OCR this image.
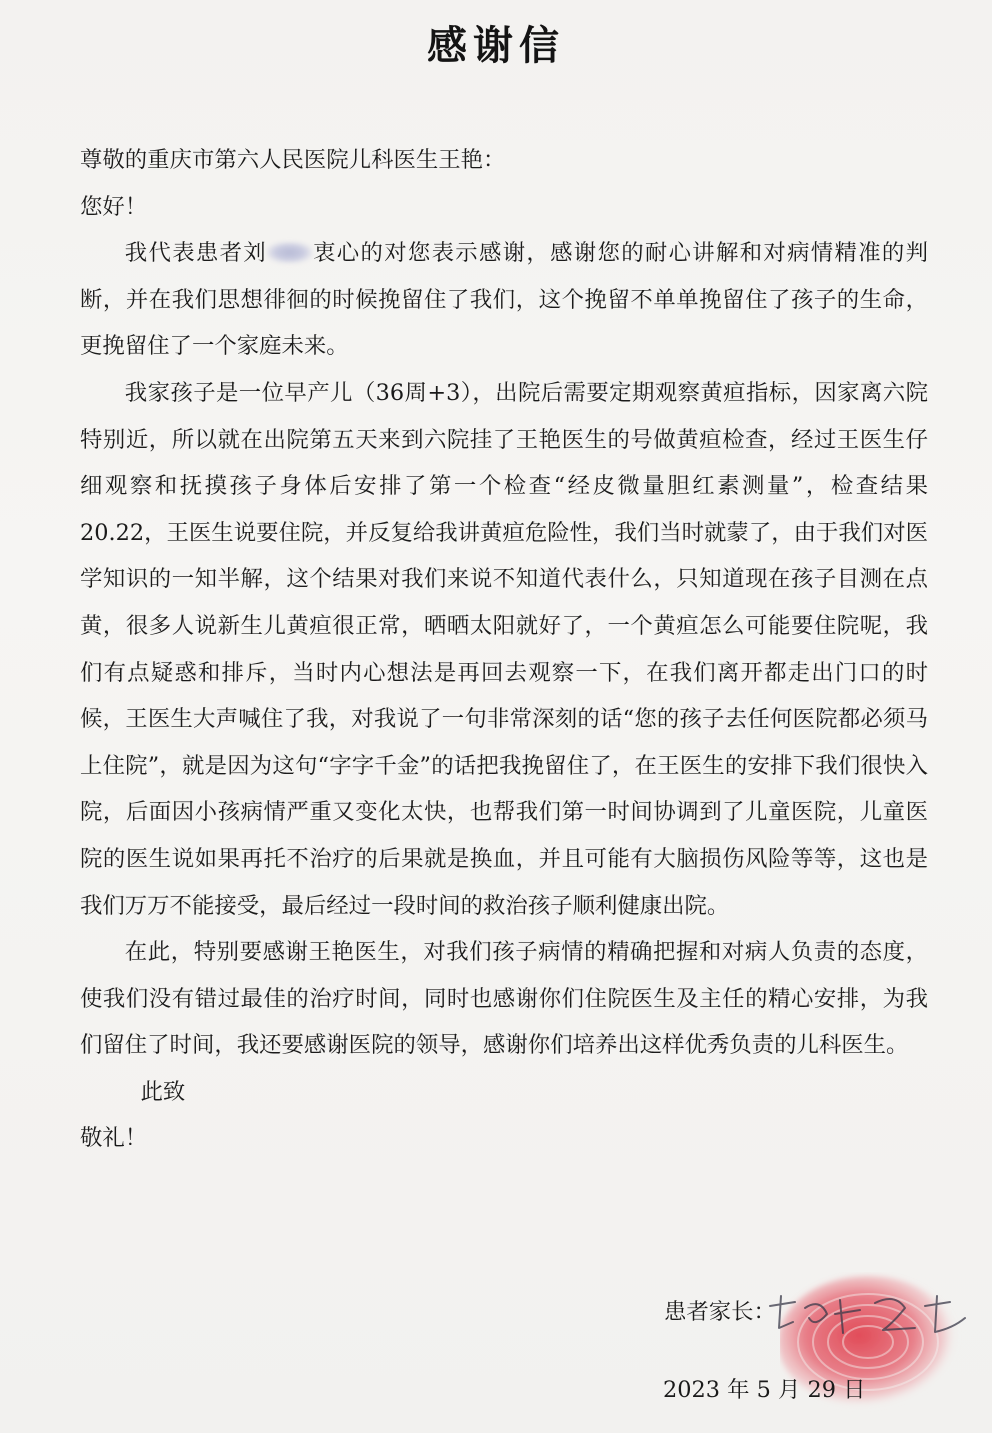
感谢信

尊敬的重庆市第六人民医院儿科医生王艳：

您好！

我代表患者刘 衷心的对您表示感谢，感谢您的耐心讲解和对病情精准的判断，并在我们思想徘徊的时候挽留住了我们，这个挽留不单单挽留住了孩子的生命，更挽留住了一个家庭未来。

我家孩子是一位早产儿（36周+3），出院后需要定期观察黄疸指标，因家离六院特别近，所以就在出院第五天来到六院挂了王艳医生的号做黄疸检查，经过王医生仔细观察和抚摸孩子身体后安排了第一个检查“经皮微量胆红素测量”，检查结果20.22，王医生说要住院，并反复给我讲黄疸危险性，我们当时就蒙了，由于我们对医学知识的一知半解，这个结果对我们来说不知道代表什么，只知道现在孩子目测在点黄，很多人说新生儿黄疸很正常，晒晒太阳就好了，一个黄疸怎么可能要住院呢，我们有点疑惑和排斥，当时内心想法是再回去观察一下，在我们离开都走出门口的时候，王医生大声喊住了我，对我说了一句非常深刻的话“您的孩子去任何医院都必须马上住院”，就是因为这句“字字千金”的话把我挽留住了，在王医生的安排下我们很快入院，后面因小孩病情严重又变化太快，也帮我们第一时间协调到了儿童医院，儿童医院的医生说如果再托不治疗的后果就是换血，并且可能有大脑损伤风险等等，这也是我们万万不能接受，最后经过一段时间的救治孩子顺利健康出院。

在此，特别要感谢王艳医生，对我们孩子病情的精确把握和对病人负责的态度，使我们没有错过最佳的治疗时间，同时也感谢你们住院医生及主任的精心安排，为我们留住了时间，我还要感谢医院的领导，感谢你们培养出这样优秀负责的儿科医生。

此致

敬礼！

患者家长：
2023 年 5 月 29 日
